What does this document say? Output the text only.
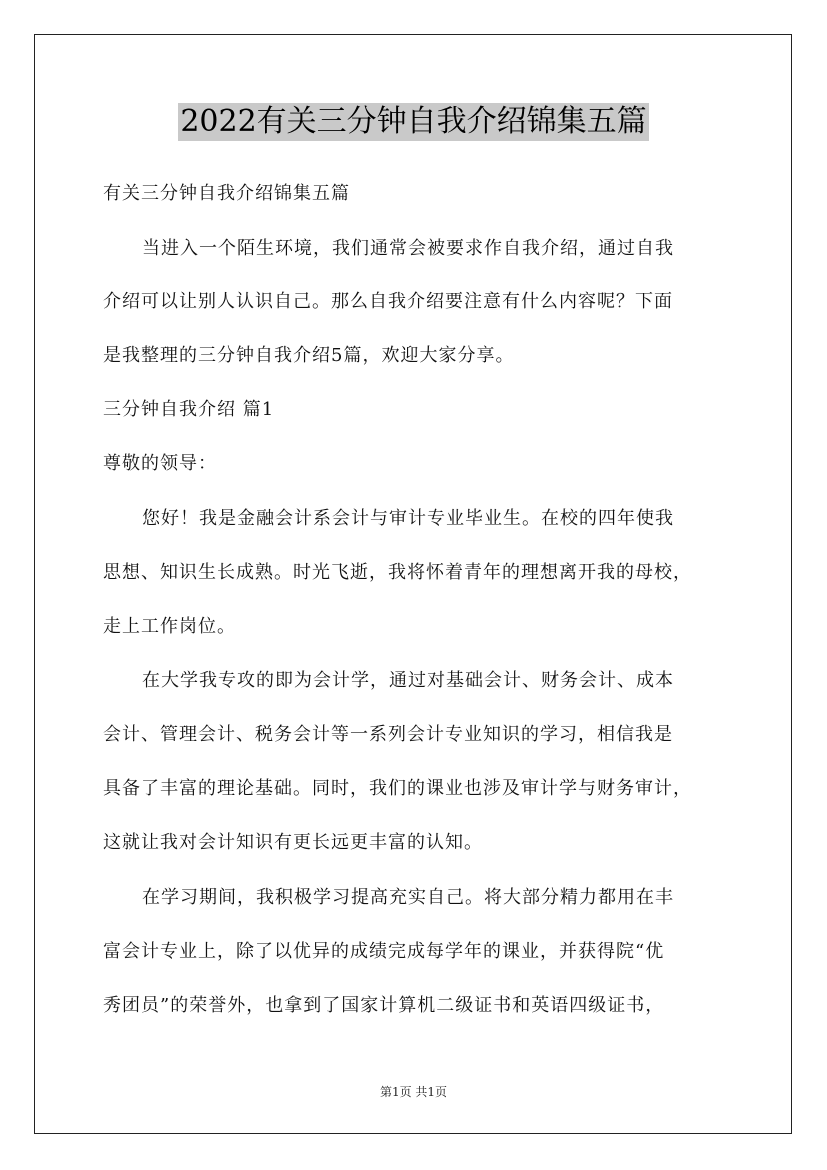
2022有关三分钟自我介绍锦集五篇
有关三分钟自我介绍锦集五篇
当进入一个陌生环境，我们通常会被要求作自我介绍，通过自我
介绍可以让别人认识自己。那么自我介绍要注意有什么内容呢？下面
是我整理的三分钟自我介绍5篇，欢迎大家分享。
三分钟自我介绍 篇1
尊敬的领导：
您好！我是金融会计系会计与审计专业毕业生。在校的四年使我
思想、知识生长成熟。时光飞逝，我将怀着青年的理想离开我的母校，
走上工作岗位。
在大学我专攻的即为会计学，通过对基础会计、财务会计、成本
会计、管理会计、税务会计等一系列会计专业知识的学习，相信我是
具备了丰富的理论基础。同时，我们的课业也涉及审计学与财务审计，
这就让我对会计知识有更长远更丰富的认知。
在学习期间，我积极学习提高充实自己。将大部分精力都用在丰
富会计专业上，除了以优异的成绩完成每学年的课业，并获得院“优
秀团员”的荣誉外，也拿到了国家计算机二级证书和英语四级证书，
第1页 共1页
